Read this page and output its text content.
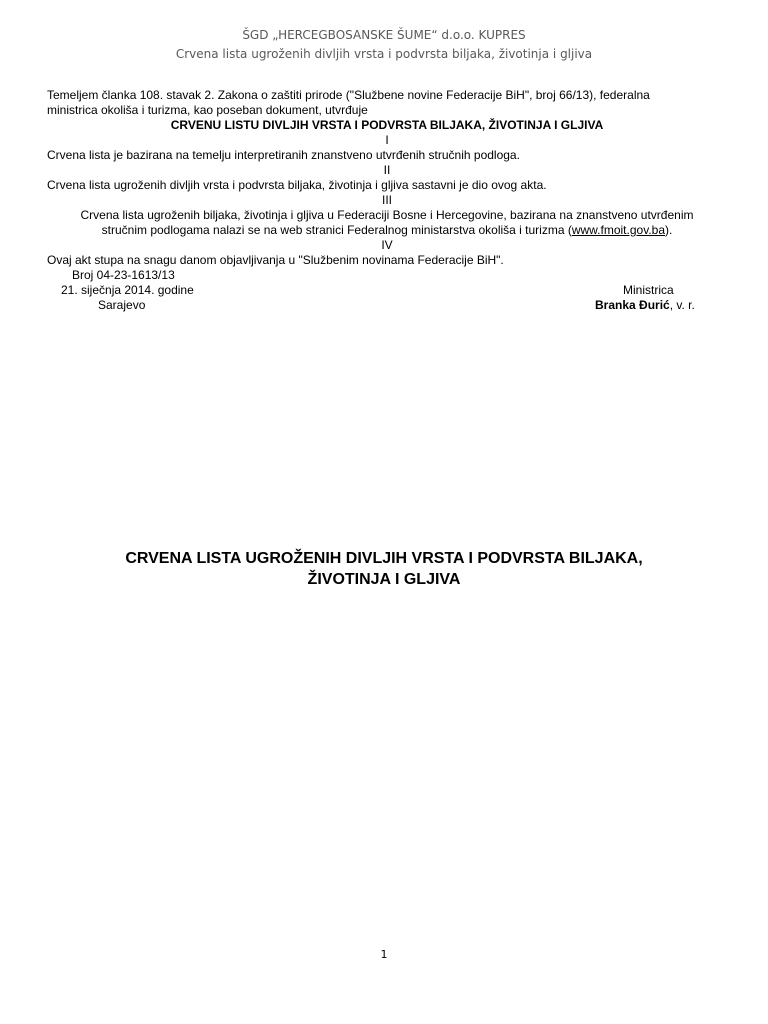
ŠGD „HERCEGBOSANSKE ŠUME“ d.o.o. KUPRES
Crvena lista ugroženih divljih vrsta i podvrsta biljaka, životinja i gljiva

Temeljem članka 108. stavak 2. Zakona o zaštiti prirode ("Službene novine Federacije BiH", broj 66/13), federalna

ministrica okoliša i turizma, kao poseban dokument, utvrđuje

CRVENU LISTU DIVLJIH VRSTA I PODVRSTA BILJAKA, ŽIVOTINJA I GLJIVA

I

Crvena lista je bazirana na temelju interpretiranih znanstveno utvrđenih stručnih podloga.

II

Crvena lista ugroženih divljih vrsta i podvrsta biljaka, životinja i gljiva sastavni je dio ovog akta.

III

Crvena lista ugroženih biljaka, životinja i gljiva u Federaciji Bosne i Hercegovine, bazirana na znanstveno utvrđenim

stručnim podlogama nalazi se na web stranici Federalnog ministarstva okoliša i turizma (www.fmoit.gov.ba).

IV

Ovaj akt stupa na snagu danom objavljivanja u "Službenim novinama Federacije BiH".

Broj 04-23-1613/13
21. siječnja 2014. godine	Ministrica
Sarajevo	Branka Đurić, v. r.
CRVENA LISTA UGROŽENIH DIVLJIH VRSTA I PODVRSTA BILJAKA,
ŽIVOTINJA I GLJIVA
1
